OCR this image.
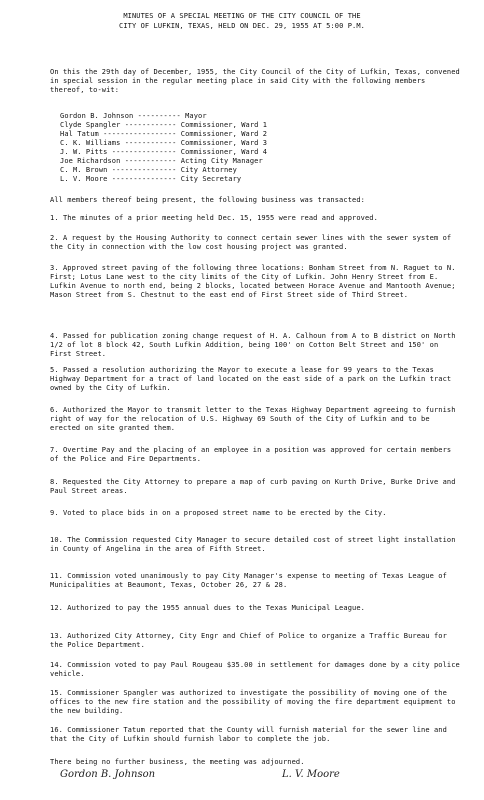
MINUTES OF A SPECIAL MEETING OF THE CITY COUNCIL OF THE
CITY OF LUFKIN, TEXAS, HELD ON DEC. 29, 1955 AT 5:00 P.M.
On this the 29th day of December, 1955, the City Council of the City of Lufkin, Texas, convened in special session in the regular meeting place in said City with the following members thereof, to-wit:
Gordon B. Johnson ---------- Mayor
Clyde Spangler ------------ Commissioner, Ward 1
Hal Tatum ----------------- Commissioner, Ward 2
C. K. Williams ------------ Commissioner, Ward 3
J. W. Pitts --------------- Commissioner, Ward 4
Joe Richardson ------------ Acting City Manager
C. M. Brown --------------- City Attorney
L. V. Moore --------------- City Secretary
All members thereof being present, the following business was transacted:
1. The minutes of a prior meeting held Dec. 15, 1955 were read and approved.
2. A request by the Housing Authority to connect certain sewer lines with the sewer system of the City in connection with the low cost housing project was granted.
3. Approved street paving of the following three locations: Bonham Street from N. Raguet to N. First; Lotus Lane west to the city limits of the City of Lufkin. John Henry Street from E. Lufkin Avenue to north end, being 2 blocks, located between Horace Avenue and Mantooth Avenue; Mason Street from S. Chestnut to the east end of First Street side of Third Street.
4. Passed for publication zoning change request of H. A. Calhoun from A to B district on North 1/2 of lot 8 block 42, South Lufkin Addition, being 100' on Cotton Belt Street and 150' on First Street.
5. Passed a resolution authorizing the Mayor to execute a lease for 99 years to the Texas Highway Department for a tract of land located on the east side of a park on the Lufkin tract owned by the City of Lufkin.
6. Authorized the Mayor to transmit letter to the Texas Highway Department agreeing to furnish right of way for the relocation of U.S. Highway 69 South of the City of Lufkin and to be erected on site granted them.
7. Overtime Pay and the placing of an employee in a position was approved for certain members of the Police and Fire Departments.
8. Requested the City Attorney to prepare a map of curb paving on Kurth Drive, Burke Drive and Paul Street areas.
9. Voted to place bids in on a proposed street name to be erected by the City.
10. The Commission requested City Manager to secure detailed cost of street light installation in County of Angelina in the area of Fifth Street.
11. Commission voted unanimously to pay City Manager's expense to meeting of Texas League of Municipalities at Beaumont, Texas, October 26, 27 & 28.
12. Authorized to pay the 1955 annual dues to the Texas Municipal League.
13. Authorized City Attorney, City Engr and Chief of Police to organize a Traffic Bureau for the Police Department.
14. Commission voted to pay Paul Rougeau $35.00 in settlement for damages done by a city police vehicle.
15. Commissioner Spangler was authorized to investigate the possibility of moving one of the offices to the new fire station and the possibility of moving the fire department equipment to the new building.
16. Commissioner Tatum reported that the County will furnish material for the sewer line and that the City of Lufkin should furnish labor to complete the job.
There being no further business, the meeting was adjourned.
Gordon B. Johnson	L. V. Moore
